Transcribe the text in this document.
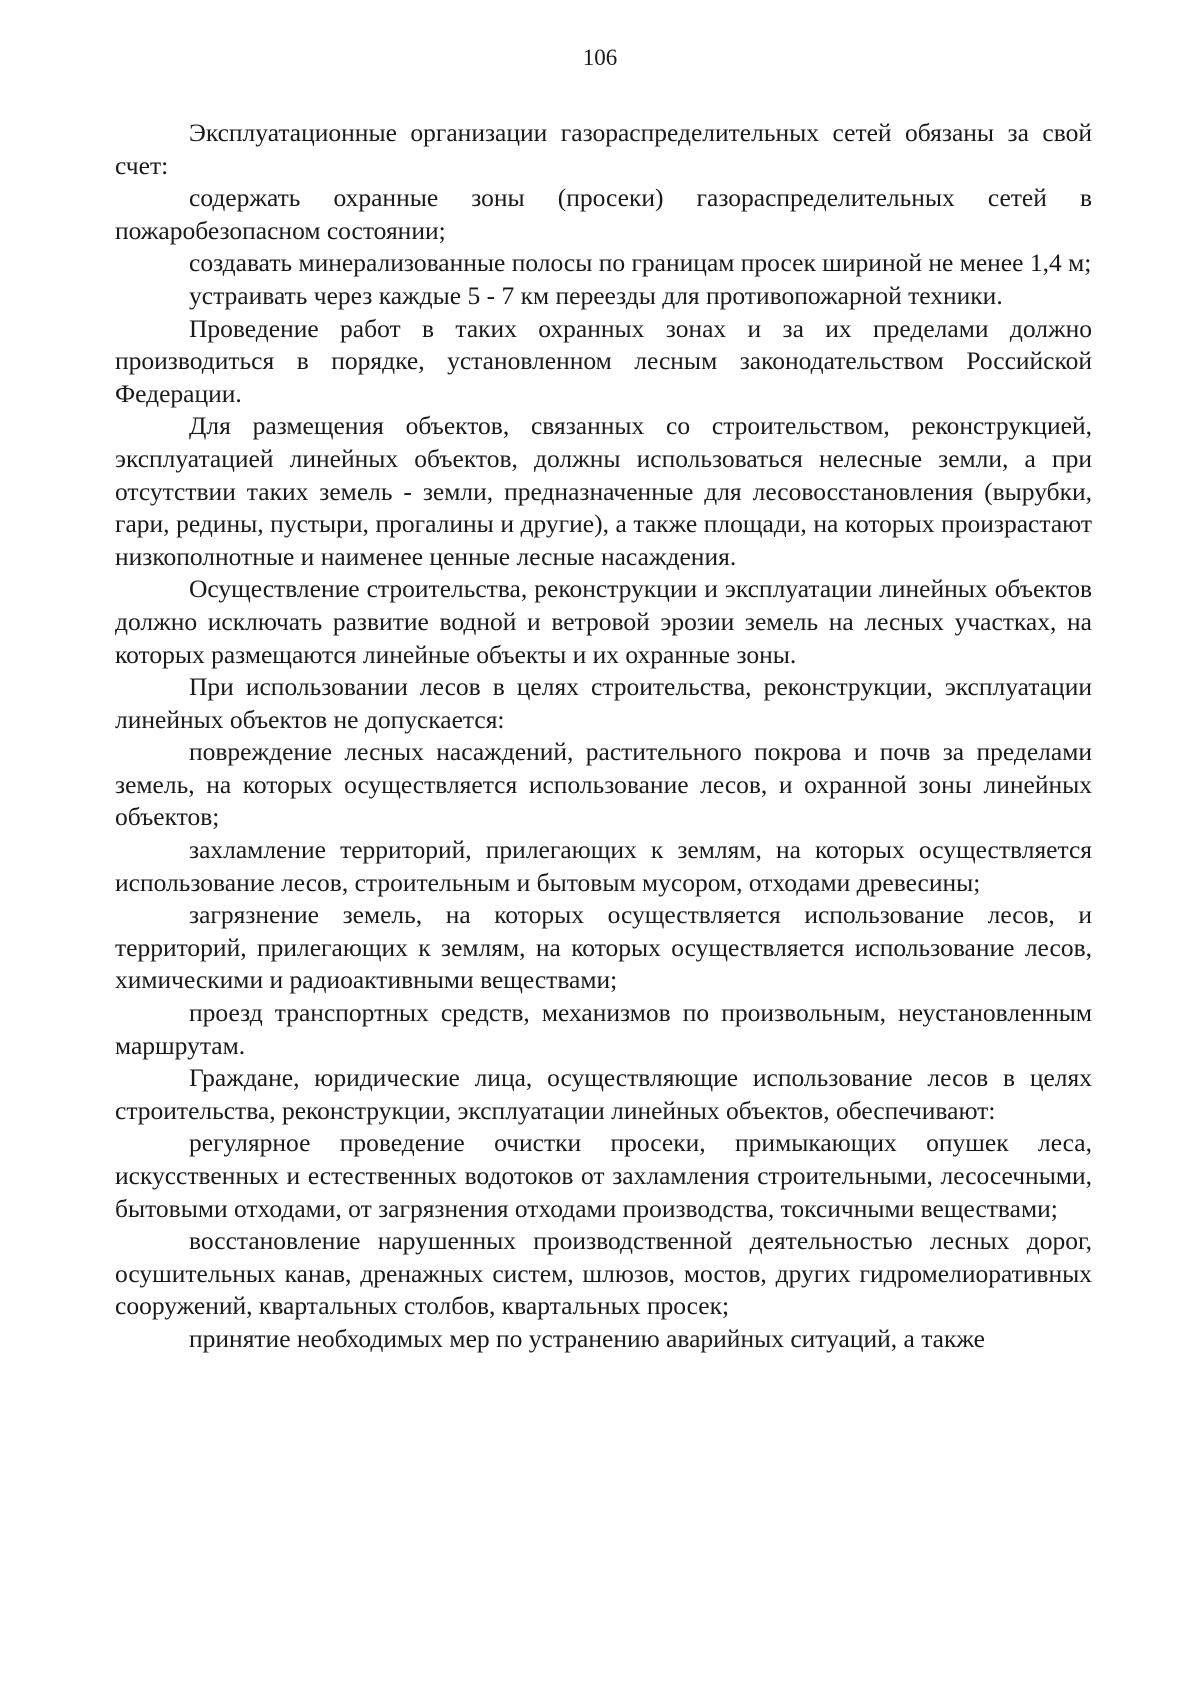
106

Эксплуатационные организации газораспределительных сетей обязаны за свой счет:

содержать охранные зоны (просеки) газораспределительных сетей в пожаробезопасном состоянии;

создавать минерализованные полосы по границам просек шириной не менее 1,4 м;

устраивать через каждые 5 - 7 км переезды для противопожарной техники.

Проведение работ в таких охранных зонах и за их пределами должно производиться в порядке, установленном лесным законодательством Российской Федерации.

Для размещения объектов, связанных со строительством, реконструкцией, эксплуатацией линейных объектов, должны использоваться нелесные земли, а при отсутствии таких земель - земли, предназначенные для лесовосстановления (вырубки, гари, редины, пустыри, прогалины и другие), а также площади, на которых произрастают низкополнотные и наименее ценные лесные насаждения.

Осуществление строительства, реконструкции и эксплуатации линейных объектов должно исключать развитие водной и ветровой эрозии земель на лесных участках, на которых размещаются линейные объекты и их охранные зоны.

При использовании лесов в целях строительства, реконструкции, эксплуатации линейных объектов не допускается:

повреждение лесных насаждений, растительного покрова и почв за пределами земель, на которых осуществляется использование лесов, и охранной зоны линейных объектов;

захламление территорий, прилегающих к землям, на которых осуществляется использование лесов, строительным и бытовым мусором, отходами древесины;

загрязнение земель, на которых осуществляется использование лесов, и территорий, прилегающих к землям, на которых осуществляется использование лесов, химическими и радиоактивными веществами;

проезд транспортных средств, механизмов по произвольным, неустановленным маршрутам.

Граждане, юридические лица, осуществляющие использование лесов в целях строительства, реконструкции, эксплуатации линейных объектов, обеспечивают:

регулярное проведение очистки просеки, примыкающих опушек леса, искусственных и естественных водотоков от захламления строительными, лесосечными, бытовыми отходами, от загрязнения отходами производства, токсичными веществами;

восстановление нарушенных производственной деятельностью лесных дорог, осушительных канав, дренажных систем, шлюзов, мостов, других гидромелиоративных сооружений, квартальных столбов, квартальных просек;

принятие необходимых мер по устранению аварийных ситуаций, а также
